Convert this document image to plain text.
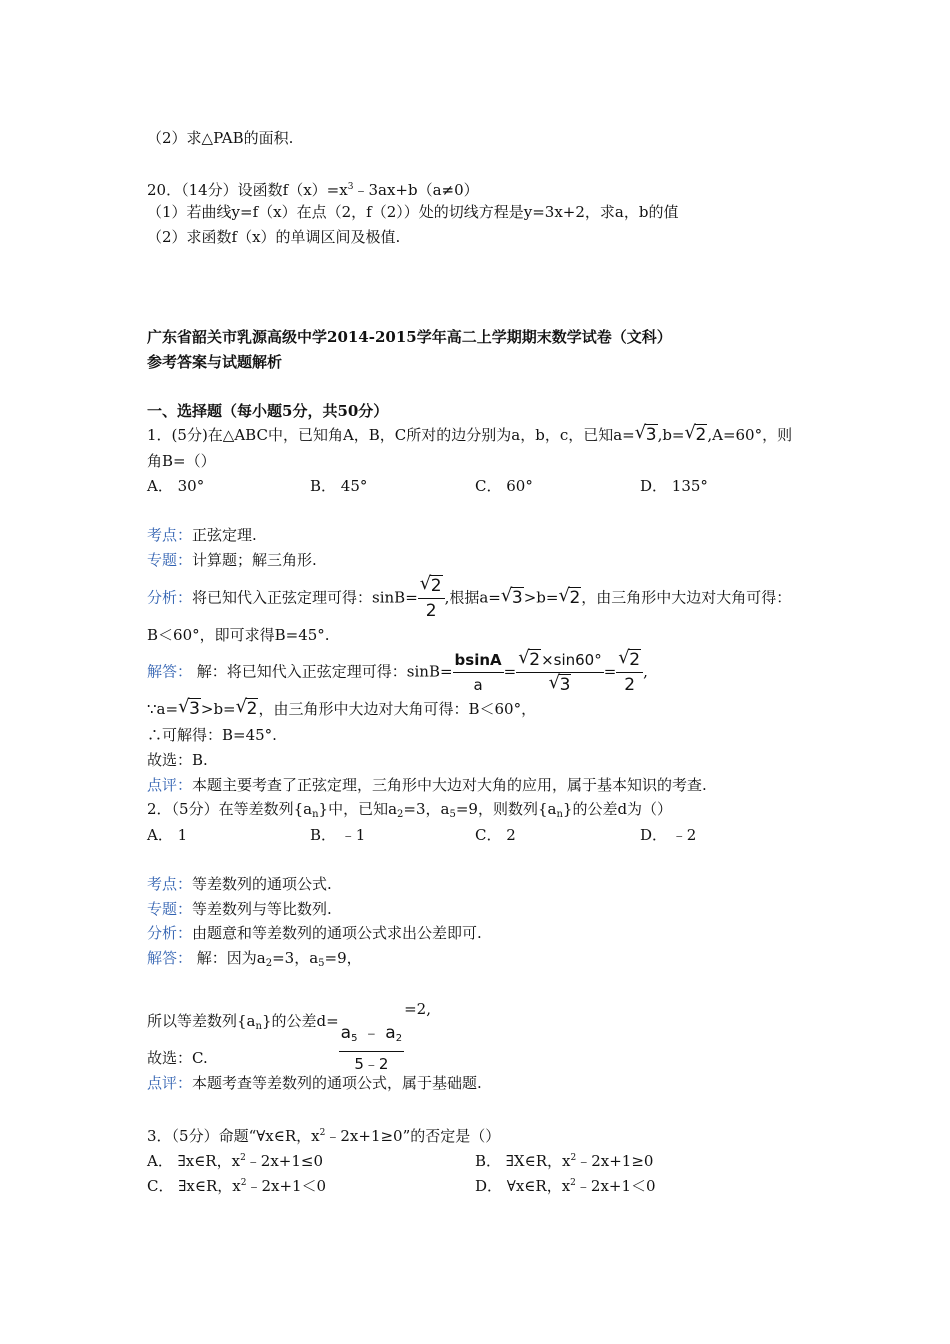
（2）求△PAB的面积.
20．（14分）设函数$f(x)=x^3﹣3ax+b(a\ne 0)$
（1）若曲线y=f（x）在点（2，f（2））处的切线方程是y=3x+2，求a，b的值
（2）求函数f（x）的单调区间及极值.
广东省韶关市乳源高级中学2014-2015学年高二上学期期末数学试卷（文科）
参考答案与试题解析
一、选择题（每小题5分，共50分）
1．(5分)在△ABC中，已知角A，B，C所对的边分别为a，b，c，已知a= √ 3,b= √ 2,A=60°，则
角B=（）
A． 30°	B． 45°	C． 60°	D． 135°
考点：正弦定理.
专题：计算题；解三角形.
分析：将已知代入正弦定理可得：$\sin B= \frac{√ 2}{2}$ ,根据a= √ 3>b= √ 2，由三角形中大边对大角可得：
B＜60°，即可求得B=45°.
解答： 解：将已知代入正弦定理可得：$\sin B= \frac{bsinA}{a} = \frac{√ 2\times\sin 60^\circ}{√ 3} = \frac{√ 2}{2}$ ,
∵a= √ 3>b= √ 2，由三角形中大边对大角可得：B＜60°，
∴可解得：B=45°.
故选：B.
点评：本题主要考查了正弦定理，三角形中大边对大角的应用，属于基本知识的考查.
2．（5分）在等差数列$\{a_n\}$中，已知$a_2=3$，$a_5=9$，则数列$\{a_n\}$的公差d为（）
A． 1	B． ﹣1	C． 2	D． ﹣2
考点：等差数列的通项公式.
专题：等差数列与等比数列.
分析：由题意和等差数列的通项公式求出公差即可.
解答： 解：因为$a_2=3$，$a_5=9$，
所以等差数列$\{a_n\}$的公差$d= \frac{a_5 ﹣ a_2}{5﹣2}$
=2,
故选：C.
点评：本题考查等差数列的通项公式，属于基础题.
3．（5分）命题“∀x∈R，$x^2﹣2x+1\ge 0$”的否定是（）
A． ∃x∈R，$x^2﹣2x+1\le 0$	B． ∃X∈R，$x^2﹣2x+1\ge 0$
C． ∃x∈R，$x^2﹣2x+1<0$	D． ∀x∈R，$x^2﹣2x+1<0$
